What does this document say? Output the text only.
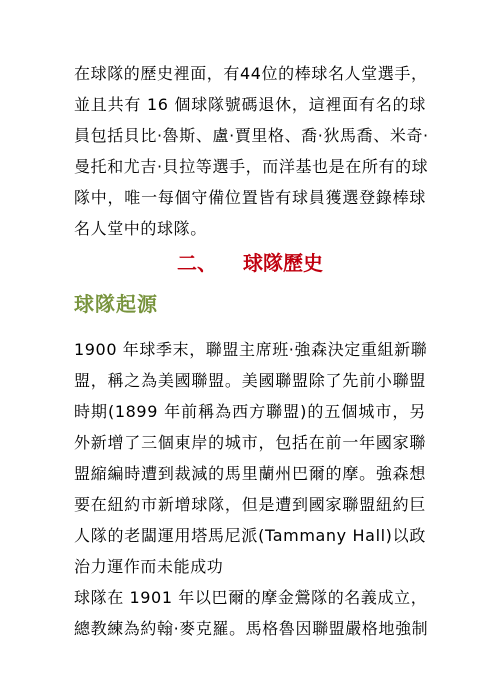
在球隊的歷史裡面，有44位的棒球名人堂選手，
並且共有 16 個球隊號碼退休，這裡面有名的球
員包括貝比·魯斯、盧·賈里格、喬·狄馬喬、米奇·
曼托和尤吉·貝拉等選手，而洋基也是在所有的球
隊中，唯一每個守備位置皆有球員獲選登錄棒球
名人堂中的球隊。
二、 球隊歷史
球隊起源
1900 年球季末，聯盟主席班·強森決定重組新聯
盟，稱之為美國聯盟。美國聯盟除了先前小聯盟
時期(1899 年前稱為西方聯盟)的五個城市，另
外新增了三個東岸的城市，包括在前一年國家聯
盟縮編時遭到裁減的馬里蘭州巴爾的摩。強森想
要在紐約市新增球隊，但是遭到國家聯盟紐約巨
人隊的老闆運用塔馬尼派(Tammany Hall)以政
治力運作而未能成功
球隊在 1901 年以巴爾的摩金鶯隊的名義成立，
總教練為約翰·麥克羅。馬格魯因聯盟嚴格地強制
